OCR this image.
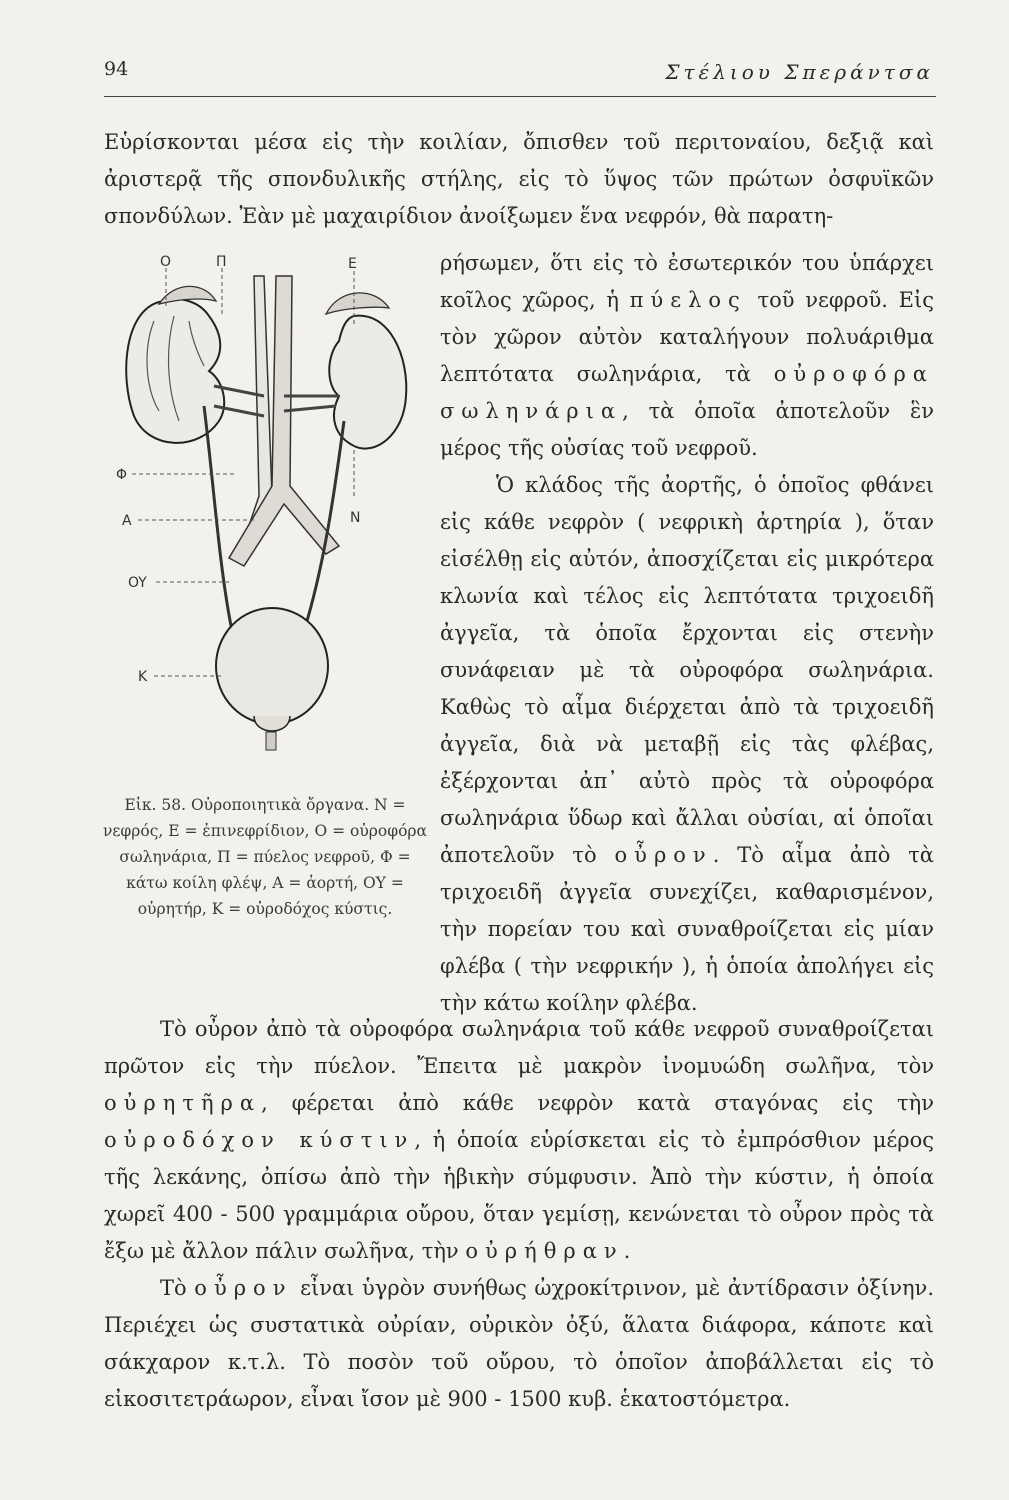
94	Στέλιου Σπεράντσα

Εὑρίσκονται μέσα εἰς τὴν κοιλίαν, ὄπισθεν τοῦ περιτοναίου, δεξιᾷ καὶ ἀριστερᾷ τῆς σπονδυλικῆς στήλης, εἰς τὸ ὕψος τῶν πρώτων ὀσφυϊκῶν σπονδύλων. Ἐὰν μὲ μαχαιρίδιον ἀνοίξωμεν ἕνα νεφρόν, θὰ παρατη-

O	Π	E
Φ
A	N
OY
K
Εἰκ. 58. Οὐροποιητικὰ ὄργανα. N = νεφρός, E = ἐπινεφρίδιον, O = οὐροφόρα σωληνάρια, Π = πύελος νεφροῦ, Φ = κάτω κοίλη φλέψ, A = ἀορτή, OY = οὐρητήρ, K = οὐροδόχος κύστις.

ρήσωμεν, ὅτι εἰς τὸ ἐσωτερικόν του ὑπάρχει κοῖλος χῶρος, ἡ πύελος τοῦ νεφροῦ. Εἰς τὸν χῶρον αὐτὸν καταλήγουν πολυάριθμα λεπτότατα σωληνάρια, τὰ οὐροφόρα σωληνάρια, τὰ ὁποῖα ἀποτελοῦν ἓν μέρος τῆς οὐσίας τοῦ νεφροῦ.

Ὁ κλάδος τῆς ἀορτῆς, ὁ ὁποῖος φθάνει εἰς κάθε νεφρὸν ( νεφρικὴ ἀρτηρία ), ὅταν εἰσέλθῃ εἰς αὐτόν, ἀποσχίζεται εἰς μικρότερα κλωνία καὶ τέλος εἰς λεπτότατα τριχοειδῆ ἀγγεῖα, τὰ ὁποῖα ἔρχονται εἰς στενὴν συνάφειαν μὲ τὰ οὐροφόρα σωληνάρια. Καθὼς τὸ αἷμα διέρχεται ἀπὸ τὰ τριχοειδῆ ἀγγεῖα, διὰ νὰ μεταβῇ εἰς τὰς φλέβας, ἐξέρχονται ἀπ᾿ αὐτὸ πρὸς τὰ οὐροφόρα σωληνάρια ὕδωρ καὶ ἄλλαι οὐσίαι, αἱ ὁποῖαι ἀποτελοῦν τὸ οὖρον. Τὸ αἷμα ἀπὸ τὰ τριχοειδῆ ἀγγεῖα συνεχίζει, καθαρισμένον, τὴν πορείαν του καὶ συναθροίζεται εἰς μίαν φλέβα ( τὴν νεφρικήν ), ἡ ὁποία ἀπολήγει εἰς τὴν κάτω κοίλην φλέβα.

Τὸ οὖρον ἀπὸ τὰ οὐροφόρα σωληνάρια τοῦ κάθε νεφροῦ συναθροίζεται πρῶτον εἰς τὴν πύελον. Ἔπειτα μὲ μακρὸν ἰνομυώδη σωλῆνα, τὸν οὐρητῆρα, φέρεται ἀπὸ κάθε νεφρὸν κατὰ σταγόνας εἰς τὴν οὐροδόχον κύστιν, ἡ ὁποία εὑρίσκεται εἰς τὸ ἐμπρόσθιον μέρος τῆς λεκάνης, ὀπίσω ἀπὸ τὴν ἡβικὴν σύμφυσιν. Ἀπὸ τὴν κύστιν, ἡ ὁποία χωρεῖ 400 - 500 γραμμάρια οὔρου, ὅταν γεμίσῃ, κενώνεται τὸ οὖρον πρὸς τὰ ἔξω μὲ ἄλλον πάλιν σωλῆνα, τὴν οὐρήθραν.

Τὸ οὖρον εἶναι ὑγρὸν συνήθως ὠχροκίτρινον, μὲ ἀντίδρασιν ὀξίνην. Περιέχει ὡς συστατικὰ οὐρίαν, οὐρικὸν ὀξύ, ἅλατα διάφορα, κάποτε καὶ σάκχαρον κ.τ.λ. Τὸ ποσὸν τοῦ οὔρου, τὸ ὁποῖον ἀποβάλλεται εἰς τὸ εἰκοσιτετράωρον, εἶναι ἴσον μὲ 900 - 1500 κυβ. ἑκατοστόμετρα.
